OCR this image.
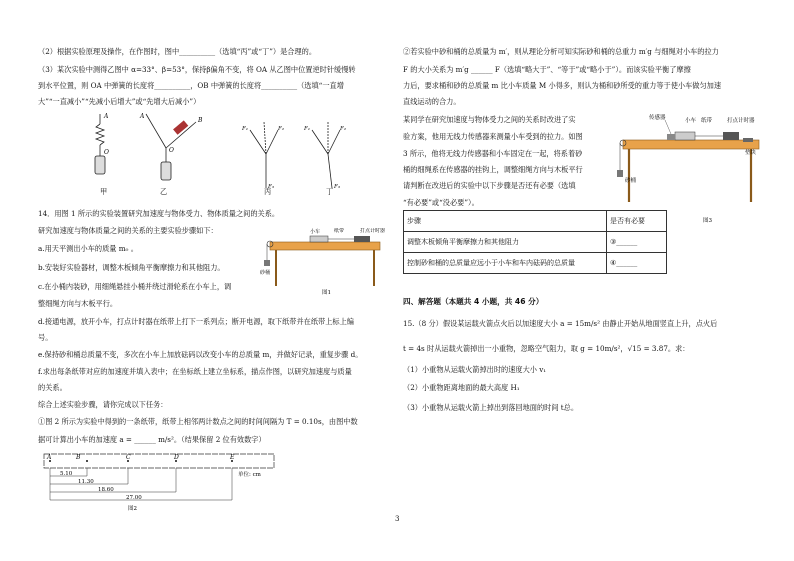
（2）根据实验原理及操作，在作图时，图中__________（选填“丙”或“丁”）是合理的。
（3）某次实验中测得乙图中 α=33°、β=53°，保持β偏角不变，将 OA 从乙图中位置逆时针缓慢转
到水平位置，则 OA 中弹簧的长度将__________，OB 中弹簧的长度将__________（选填“一直增
大”“一直减小”“先减小后增大”或“先增大后减小”）
A
O
A
B
O
F₁	F₂
F₃
F₁	F₂
F₃
甲	乙	丙	丁
14．用图 1 所示的实验装置研究加速度与物体受力、物体质量之间的关系。
研究加速度与物体质量之间的关系的主要实验步骤如下：
a.用天平测出小车的质量 m₀ 。
b.安装好实验器材，调整木板倾角平衡摩擦力和其他阻力。
c.在小桶内装砂，用细绳悬挂小桶并绕过滑轮系在小车上，调
整细绳方向与木板平行。
d.接通电源，放开小车，打点计时器在纸带上打下一系列点；断开电源，取下纸带并在纸带上标上编
号。
e.保持砂和桶总质量不变，多次在小车上加放砝码以改变小车的总质量 m，并做好记录，重复步骤 d。
f.求出每条纸带对应的加速度并填入表中；在坐标纸上建立坐标系，描点作图，以研究加速度与质量
的关系。
综合上述实验步骤，请你完成以下任务：
①图 2 所示为实验中得到的一条纸带，纸带上相邻两计数点之间的时间间隔为 T = 0.10s，由图中数
据可计算出小车的加速度 a = ______ m/s²。（结果保留 2 位有效数字）
小车	纸带	打点计时器
砂桶
图1
A	B	C	D	E
5.10
11.30
18.60
27.00
单位: cm
图2
②若实验中砂和桶的总质量为 m′，则从理论分析可知实际砂和桶的总重力 m′g 与细绳对小车的拉力
F 的大小关系为 m′g ______ F（选填“略大于”、“等于”或“略小于”）。而该实验平衡了摩擦
力后，要求桶和砂的总质量 m 比小车质量 M 小得多，则认为桶和砂所受的重力等于使小车做匀加速
直线运动的合力。
某同学在研究加速度与物体受力之间的关系时改进了实
验方案，他用无线力传感器来测量小车受到的拉力。如图
3 所示，他将无线力传感器和小车固定在一起，将系着砂
桶的细绳系在传感器的挂钩上，调整细绳方向与木板平行
请判断在改进后的实验中以下步骤是否还有必要（选填
“有必要”或“没必要”）。
传感器	小车 纸带	打点计时器
垫块
砂桶
图3
步骤	是否有必要
调整木板倾角平衡摩擦力和其他阻力	③______
控制砂和桶的总质量应远小于小车和车内砝码的总质量	④______
四、解答题（本题共 4 小题，共 46 分）
15.（8 分）假设某运载火箭点火后以加速度大小 a = 15m/s² 由静止开始从地面竖直上升，点火后
t = 4s 时从运载火箭掉出一小重物，忽略空气阻力，取 g = 10m/s²，√15 = 3.87。求：
（1）小重物从运载火箭掉出时的速度大小 v₁
（2）小重物距离地面的最大高度 H₁
（3）小重物从运载火箭上掉出到落回地面的时间 t总。
3
